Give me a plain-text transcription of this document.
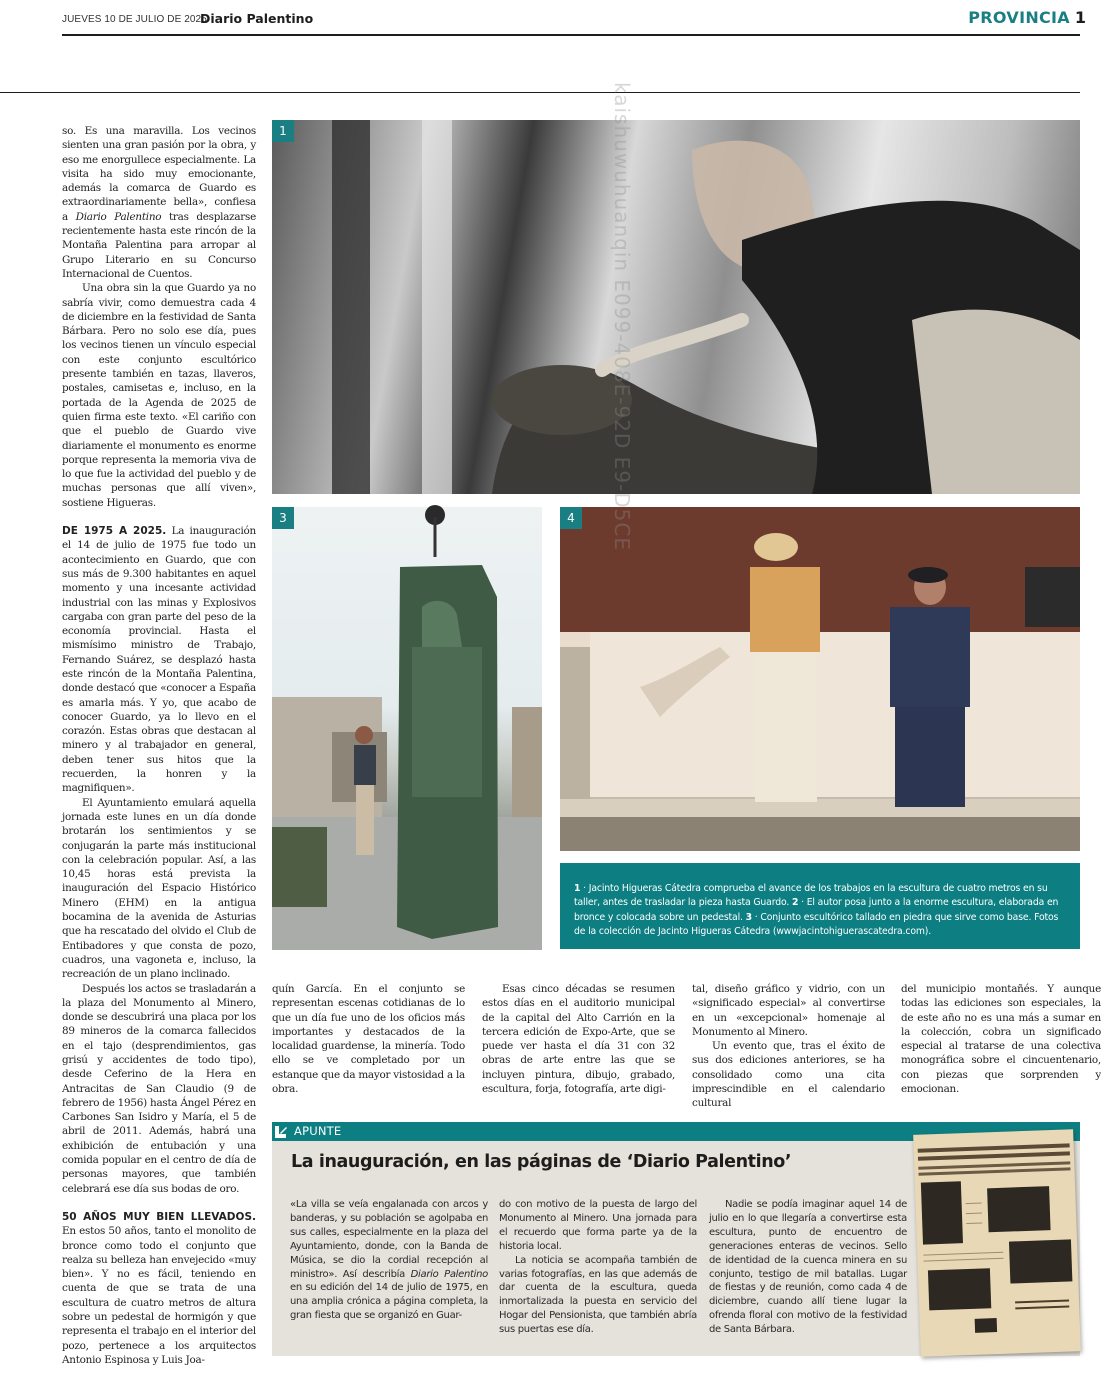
JUEVES 10 DE JULIO DE 2025
Diario Palentino	PROVINCIA 1

so. Es una maravilla. Los vecinos sienten una gran pasión por la obra, y eso me enorgullece especialmente. La visita ha sido muy emocionante, además la comarca de Guardo es extraordinariamente bella», confiesa a Diario Palentino tras desplazarse recientemente hasta este rincón de la Montaña Palentina para arropar al Grupo Literario en su Concurso Internacional de Cuentos.

Una obra sin la que Guardo ya no sabría vivir, como demuestra cada 4 de diciembre en la festividad de Santa Bárbara. Pero no solo ese día, pues los vecinos tienen un vínculo especial con este conjunto escultórico presente también en tazas, llaveros, postales, camisetas e, incluso, en la portada de la Agenda de 2025 de quien firma este texto. «El cariño con que el pueblo de Guardo vive diariamente el monumento es enorme porque representa la memoria viva de lo que fue la actividad del pueblo y de muchas personas que allí viven», sostiene Higueras.

DE 1975 A 2025. La inauguración el 14 de julio de 1975 fue todo un acontecimiento en Guardo, que con sus más de 9.300 habitantes en aquel momento y una incesante actividad industrial con las minas y Explosivos cargaba con gran parte del peso de la economía provincial. Hasta el mismísimo ministro de Trabajo, Fernando Suárez, se desplazó hasta este rincón de la Montaña Palentina, donde destacó que «conocer a España es amarla más. Y yo, que acabo de conocer Guardo, ya lo llevo en el corazón. Estas obras que destacan al minero y al trabajador en general, deben tener sus hitos que la recuerden, la honren y la magnifiquen».

El Ayuntamiento emulará aquella jornada este lunes en un día donde brotarán los sentimientos y se conjugarán la parte más institucional con la celebración popular. Así, a las 10,45 horas está prevista la inauguración del Espacio Histórico Minero (EHM) en la antigua bocamina de la avenida de Asturias que ha rescatado del olvido el Club de Entibadores y que consta de pozo, cuadros, una vagoneta e, incluso, la recreación de un plano inclinado.

Después los actos se trasladarán a la plaza del Monumento al Minero, donde se descubrirá una placa por los 89 mineros de la comarca fallecidos en el tajo (desprendimientos, gas grisú y accidentes de todo tipo), desde Ceferino de la Hera en Antracitas de San Claudio (9 de febrero de 1956) hasta Ángel Pérez en Carbones San Isidro y María, el 5 de abril de 2011. Además, habrá una exhibición de entubación y una comida popular en el centro de día de personas mayores, que también celebrará ese día sus bodas de oro.

50 AÑOS MUY BIEN LLEVADOS. En estos 50 años, tanto el monolito de bronce como todo el conjunto que realza su belleza han envejecido «muy bien». Y no es fácil, teniendo en cuenta de que se trata de una escultura de cuatro metros de altura sobre un pedestal de hormigón y que representa el trabajo en el interior del pozo, pertenece a los arquitectos Antonio Espinosa y Luis Joa-

1
3	4
1 · Jacinto Higueras Cátedra comprueba el avance de los trabajos en la escultura de cuatro metros en su taller, antes de trasladar la pieza hasta Guardo. 2 · El autor posa junto a la enorme escultura, elaborada en bronce y colocada sobre un pedestal. 3 · Conjunto escultórico tallado en piedra que sirve como base. Fotos de la colección de Jacinto Higueras Cátedra (wwwjacintohiguerascatedra.com).

quín García. En el conjunto se representan escenas cotidianas de lo que un día fue uno de los oficios más importantes y destacados de la localidad guardense, la minería. Todo ello se ve completado por un estanque que da mayor vistosidad a la obra.

Esas cinco décadas se resumen estos días en el auditorio municipal de la capital del Alto Carrión en la tercera edición de Expo-Arte, que se puede ver hasta el día 31 con 32 obras de arte entre las que se incluyen pintura, dibujo, grabado, escultura, forja, fotografía, arte digi-

tal, diseño gráfico y vidrio, con un «significado especial» al convertirse en un «excepcional» homenaje al Monumento al Minero.

Un evento que, tras el éxito de sus dos ediciones anteriores, se ha consolidado como una cita imprescindible en el calendario cultural

del municipio montañés. Y aunque todas las ediciones son especiales, la de este año no es una más a sumar en la colección, cobra un significado especial al tratarse de una colectiva monográfica sobre el cincuentenario, con piezas que sorprenden y emocionan.

APUNTE
La inauguración, en las páginas de ‘Diario Palentino’

«La villa se veía engalanada con arcos y banderas, y su población se agolpaba en sus calles, especialmente en la plaza del Ayuntamiento, donde, con la Banda de Música, se dio la cordial recepción al ministro». Así describía Diario Palentino en su edición del 14 de julio de 1975, en una amplia crónica a página completa, la gran fiesta que se organizó en Guar-

do con motivo de la puesta de largo del Monumento al Minero. Una jornada para el recuerdo que forma parte ya de la historia local.

La noticia se acompaña también de varias fotografías, en las que además de dar cuenta de la escultura, queda inmortalizada la puesta en servicio del Hogar del Pensionista, que también abría sus puertas ese día.

Nadie se podía imaginar aquel 14 de julio en lo que llegaría a convertirse esta escultura, punto de encuentro de generaciones enteras de vecinos. Sello de identidad de la cuenca minera en su conjunto, testigo de mil batallas. Lugar de fiestas y de reunión, como cada 4 de diciembre, cuando allí tiene lugar la ofrenda floral con motivo de la festividad de Santa Bárbara.

kaishuwuhuanqin E099-408E-92D E9-D5CE
